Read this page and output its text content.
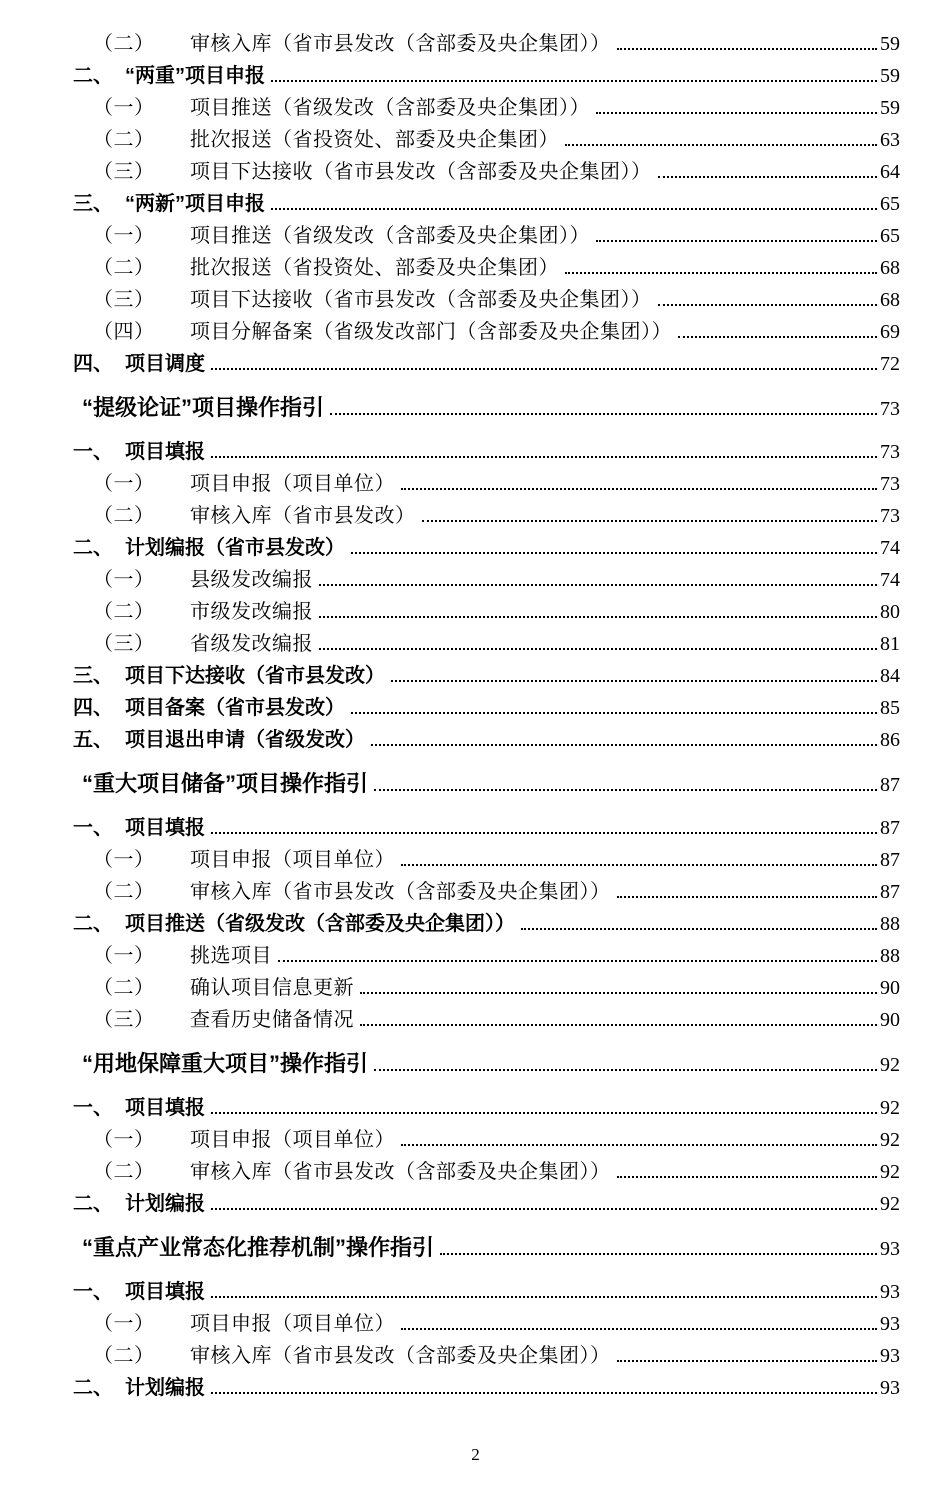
（二）	审核入库（省市县发改（含部委及央企集团））	59
二、 “两重”项目申报	59
（一）	项目推送（省级发改（含部委及央企集团））	59
（二）	批次报送（省投资处、部委及央企集团）	63
（三）	项目下达接收（省市县发改（含部委及央企集团））	64
三、 “两新”项目申报	65
（一）	项目推送（省级发改（含部委及央企集团））	65
（二）	批次报送（省投资处、部委及央企集团）	68
（三）	项目下达接收（省市县发改（含部委及央企集团））	68
（四）	项目分解备案（省级发改部门（含部委及央企集团））	69
四、 项目调度	72
“提级论证”项目操作指引	73
一、 项目填报	73
（一）	项目申报（项目单位）	73
（二）	审核入库（省市县发改）	73
二、 计划编报（省市县发改）	74
（一）	县级发改编报	74
（二）	市级发改编报	80
（三）	省级发改编报	81
三、 项目下达接收（省市县发改）	84
四、 项目备案（省市县发改）	85
五、 项目退出申请（省级发改）	86
“重大项目储备”项目操作指引	87
一、 项目填报	87
（一）	项目申报（项目单位）	87
（二）	审核入库（省市县发改（含部委及央企集团））	87
二、 项目推送（省级发改（含部委及央企集团））	88
（一）	挑选项目	88
（二）	确认项目信息更新	90
（三）	查看历史储备情况	90
“用地保障重大项目”操作指引	92
一、 项目填报	92
（一）	项目申报（项目单位）	92
（二）	审核入库（省市县发改（含部委及央企集团））	92
二、 计划编报	92
“重点产业常态化推荐机制”操作指引	93
一、 项目填报	93
（一）	项目申报（项目单位）	93
（二）	审核入库（省市县发改（含部委及央企集团））	93
二、 计划编报	93
2
